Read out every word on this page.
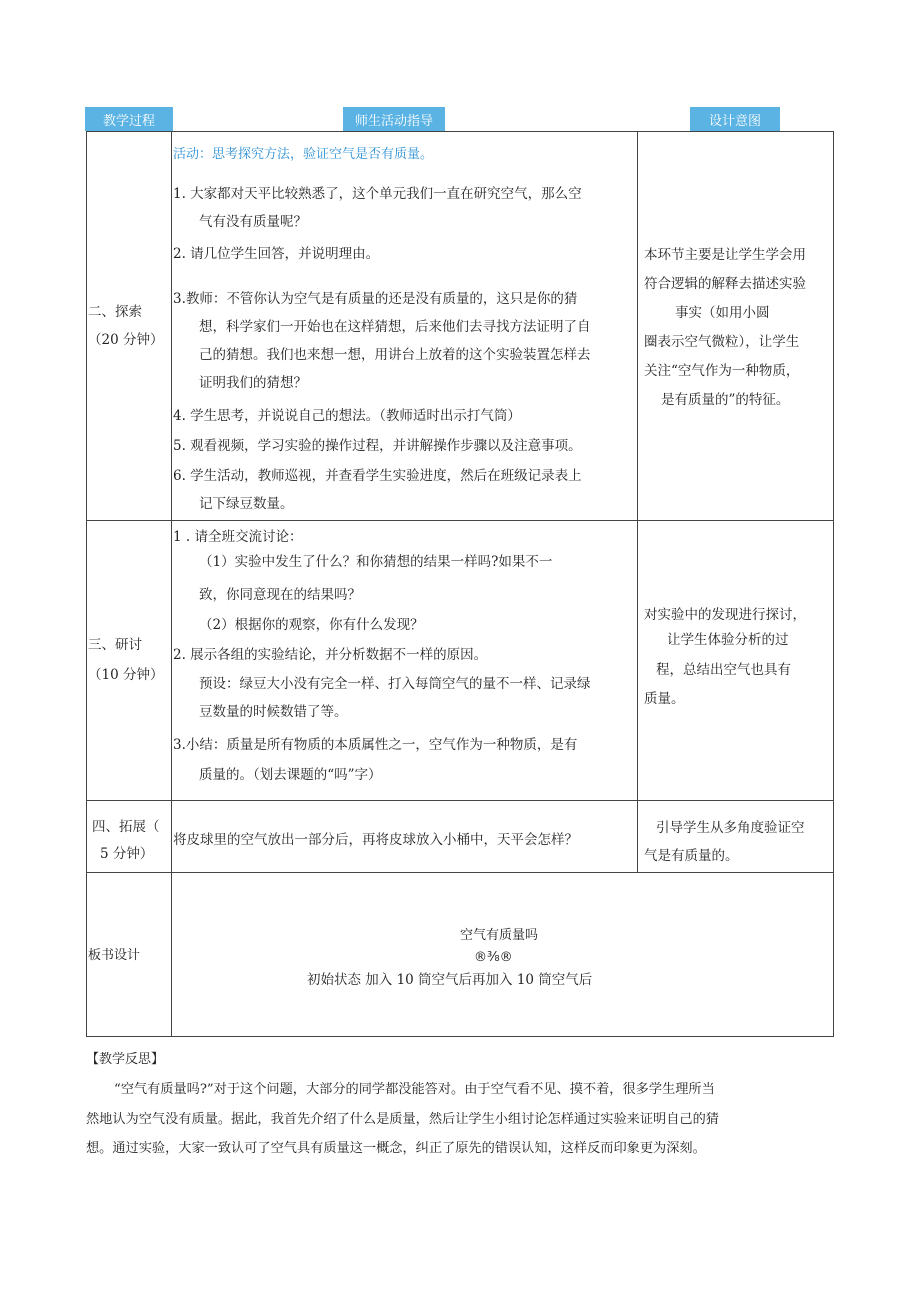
教学过程	师生活动指导	设计意图
二、探索
（20 分钟）
活动：思考探究方法，验证空气是否有质量。
1. 大家都对天平比较熟悉了，这个单元我们一直在研究空气，那么空
气有没有质量呢？
2. 请几位学生回答，并说明理由。
3.教师：不管你认为空气是有质量的还是没有质量的，这只是你的猜
想，科学家们一开始也在这样猜想，后来他们去寻找方法证明了自
己的猜想。我们也来想一想，用讲台上放着的这个实验装置怎样去
证明我们的猜想？
4. 学生思考，并说说自己的想法。（教师适时出示打气筒）
5. 观看视频，学习实验的操作过程，并讲解操作步骤以及注意事项。
6. 学生活动，教师巡视，并查看学生实验进度，然后在班级记录表上
记下绿豆数量。
本环节主要是让学生学会用
符合逻辑的解释去描述实验
事实（如用小圆
圈表示空气微粒），让学生
关注“空气作为一种物质，
是有质量的”的特征。
三、研讨
（10 分钟）
1 . 请全班交流讨论：
（1）实验中发生了什么？和你猜想的结果一样吗?如果不一
致，你同意现在的结果吗？
（2）根据你的观察，你有什么发现？
2. 展示各组的实验结论，并分析数据不一样的原因。
预设：绿豆大小没有完全一样、打入每筒空气的量不一样、记录绿
豆数量的时候数错了等。
3.小结：质量是所有物质的本质属性之一，空气作为一种物质，是有
质量的。（划去课题的“吗”字）
对实验中的发现进行探讨，
让学生体验分析的过
程，总结出空气也具有
质量。
四、拓展（
5 分钟）
将皮球里的空气放出一部分后，再将皮球放入小桶中，天平会怎样？
引导学生从多角度验证空
气是有质量的。
板书设计
空气有质量吗
®⅜®
初始状态 加入 10 筒空气后再加入 10 筒空气后
【教学反思】
“空气有质量吗?”对于这个问题，大部分的同学都没能答对。由于空气看不见、摸不着，很多学生理所当
然地认为空气没有质量。据此，我首先介绍了什么是质量，然后让学生小组讨论怎样通过实验来证明自己的猜
想。通过实验，大家一致认可了空气具有质量这一概念，纠正了原先的错误认知，这样反而印象更为深刻。
